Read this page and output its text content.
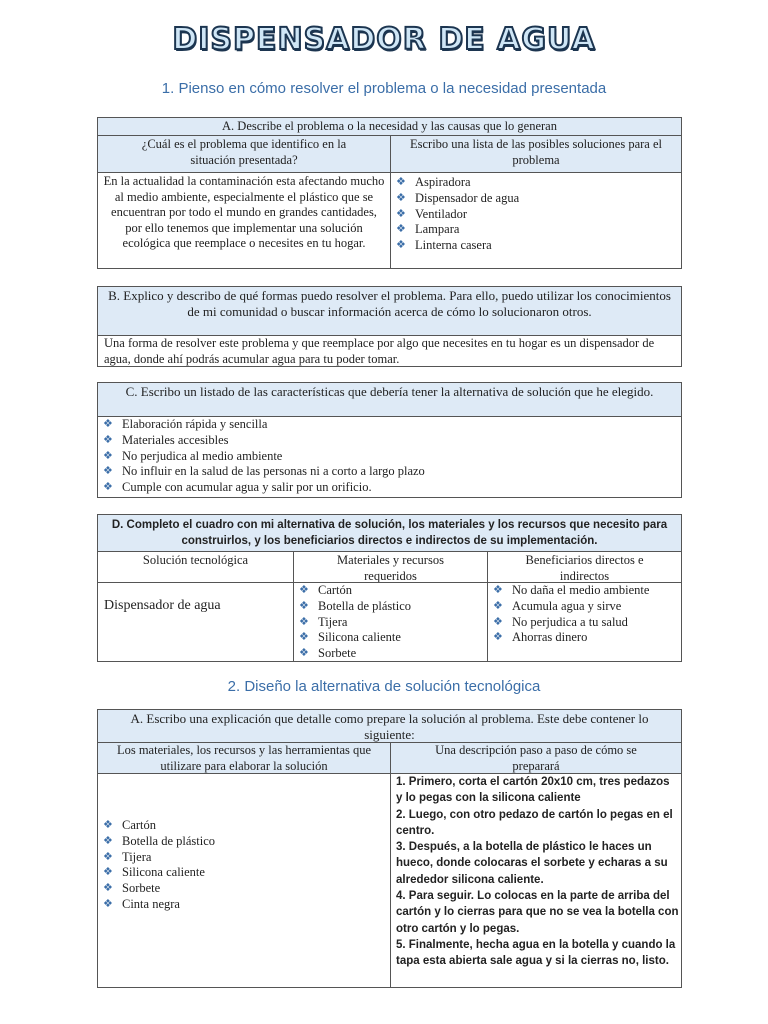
DISPENSADOR DE AGUA
1. Pienso en cómo resolver el problema o la necesidad presentada
A. Describe el problema o la necesidad y las causas que lo generan
¿Cuál es el problema que identifico en la situación presentada?
Escribo una lista de las posibles soluciones para el problema
En la actualidad la contaminación esta afectando mucho al medio ambiente, especialmente el plástico que se encuentran por todo el mundo en grandes cantidades, por ello tenemos que implementar una solución ecológica que reemplace o necesites en tu hogar.
❖ Aspiradora
❖ Dispensador de agua
❖ Ventilador
❖ Lampara
❖ Linterna casera
B. Explico y describo de qué formas puedo resolver el problema. Para ello, puedo utilizar los conocimientos de mi comunidad o buscar información acerca de cómo lo solucionaron otros.
Una forma de resolver este problema y que reemplace por algo que necesites en tu hogar es un dispensador de agua, donde ahí podrás acumular agua para tu poder tomar.
C. Escribo un listado de las características que debería tener la alternativa de solución que he elegido.
❖ Elaboración rápida y sencilla
❖ Materiales accesibles
❖ No perjudica al medio ambiente
❖ No influir en la salud de las personas ni a corto a largo plazo
❖ Cumple con acumular agua y salir por un orificio.
D. Completo el cuadro con mi alternativa de solución, los materiales y los recursos que necesito para construirlos, y los beneficiarios directos e indirectos de su implementación.
Solución tecnológica	Materiales y recursos requeridos
Beneficiarios directos e indirectos
Dispensador de agua
❖ Cartón
❖ Botella de plástico
❖ Tijera
❖ Silicona caliente
❖ Sorbete
❖ No daña el medio ambiente
❖ Acumula agua y sirve
❖ No perjudica a tu salud
❖ Ahorras dinero
2. Diseño la alternativa de solución tecnológica
A. Escribo una explicación que detalle como prepare la solución al problema. Este debe contener lo siguiente:
Los materiales, los recursos y las herramientas que utilizare para elaborar la solución
Una descripción paso a paso de cómo se preparará
❖ Cartón
❖ Botella de plástico
❖ Tijera
❖ Silicona caliente
❖ Sorbete
❖ Cinta negra
1. Primero, corta el cartón 20x10 cm, tres pedazos y lo pegas con la silicona caliente
2. Luego, con otro pedazo de cartón lo pegas en el centro.
3. Después, a la botella de plástico le haces un hueco, donde colocaras el sorbete y echaras a su alrededor silicona caliente.
4. Para seguir. Lo colocas en la parte de arriba del cartón y lo cierras para que no se vea la botella con otro cartón y lo pegas.
5. Finalmente, hecha agua en la botella y cuando la tapa esta abierta sale agua y si la cierras no, listo.
